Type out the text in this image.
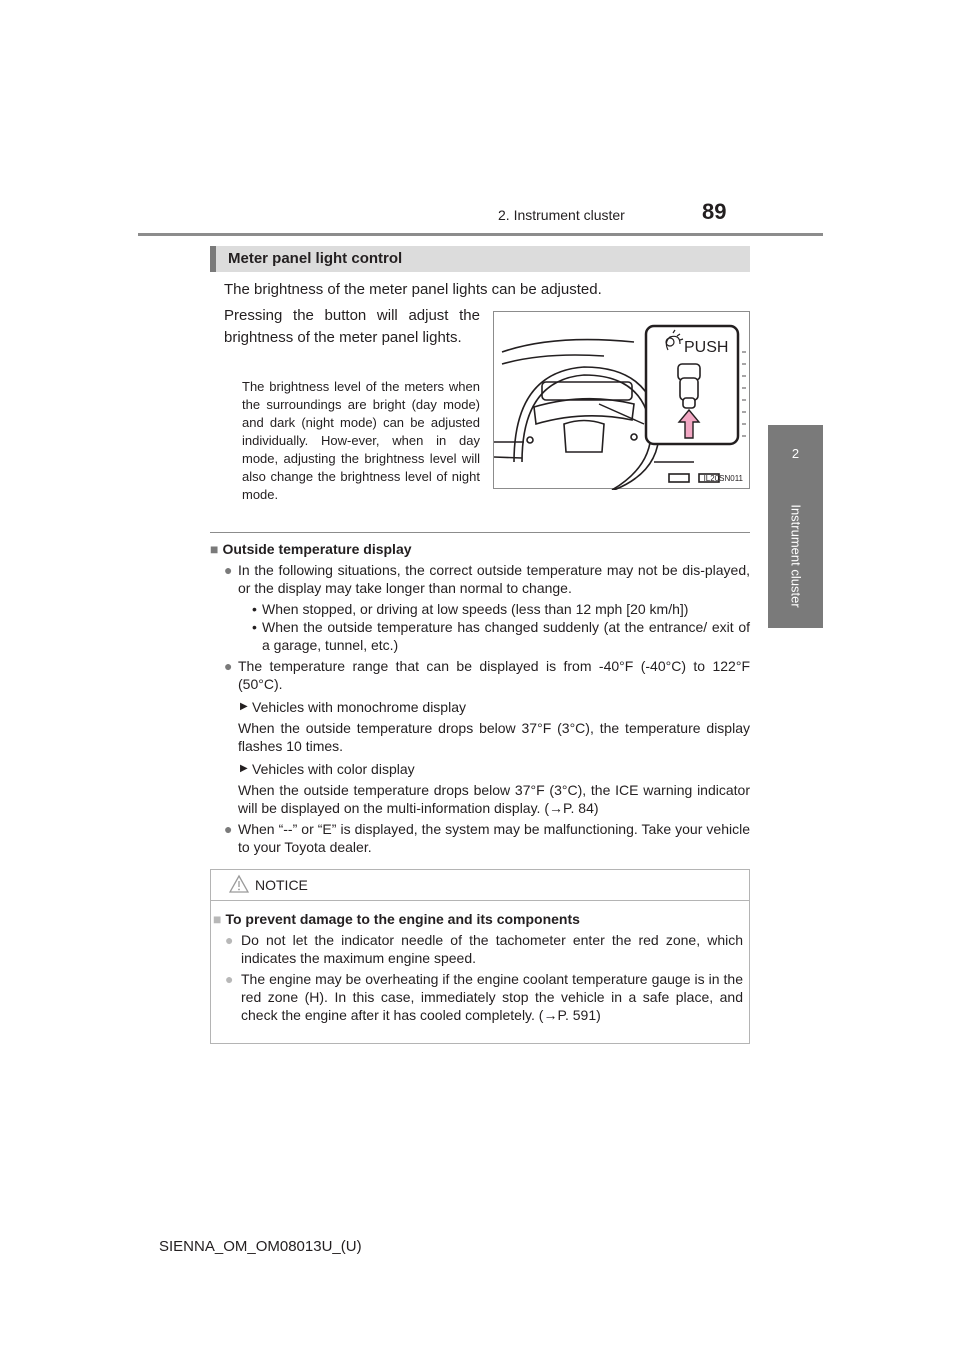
2. Instrument cluster	89
2
Instrument cluster
Meter panel light control
The brightness of the meter panel lights can be adjusted.
Pressing the button will adjust the brightness of the meter panel lights.
The brightness level of the meters when the surroundings are bright (day mode) and dark (night mode) can be adjusted individually. How-ever, when in day mode, adjusting the brightness level will also change the brightness level of night mode.
PUSH
IL20SN011

■ Outside temperature display

● In the following situations, the correct outside temperature may not be dis-played, or the display may take longer than normal to change.

• When stopped, or driving at low speeds (less than 12 mph [20 km/h])

• When the outside temperature has changed suddenly (at the entrance/ exit of a garage, tunnel, etc.)

● The temperature range that can be displayed is from -40°F (-40°C) to 122°F (50°C).

▶ Vehicles with monochrome display

When the outside temperature drops below 37°F (3°C), the temperature display flashes 10 times.

▶ Vehicles with color display

When the outside temperature drops below 37°F (3°C), the ICE warning indicator will be displayed on the multi-information display. (→P. 84)

● When “--” or “E” is displayed, the system may be malfunctioning. Take your vehicle to your Toyota dealer.

NOTICE

■ To prevent damage to the engine and its components

● Do not let the indicator needle of the tachometer enter the red zone, which indicates the maximum engine speed.

● The engine may be overheating if the engine coolant temperature gauge is in the red zone (H). In this case, immediately stop the vehicle in a safe place, and check the engine after it has cooled completely. (→P. 591)

SIENNA_OM_OM08013U_(U)
